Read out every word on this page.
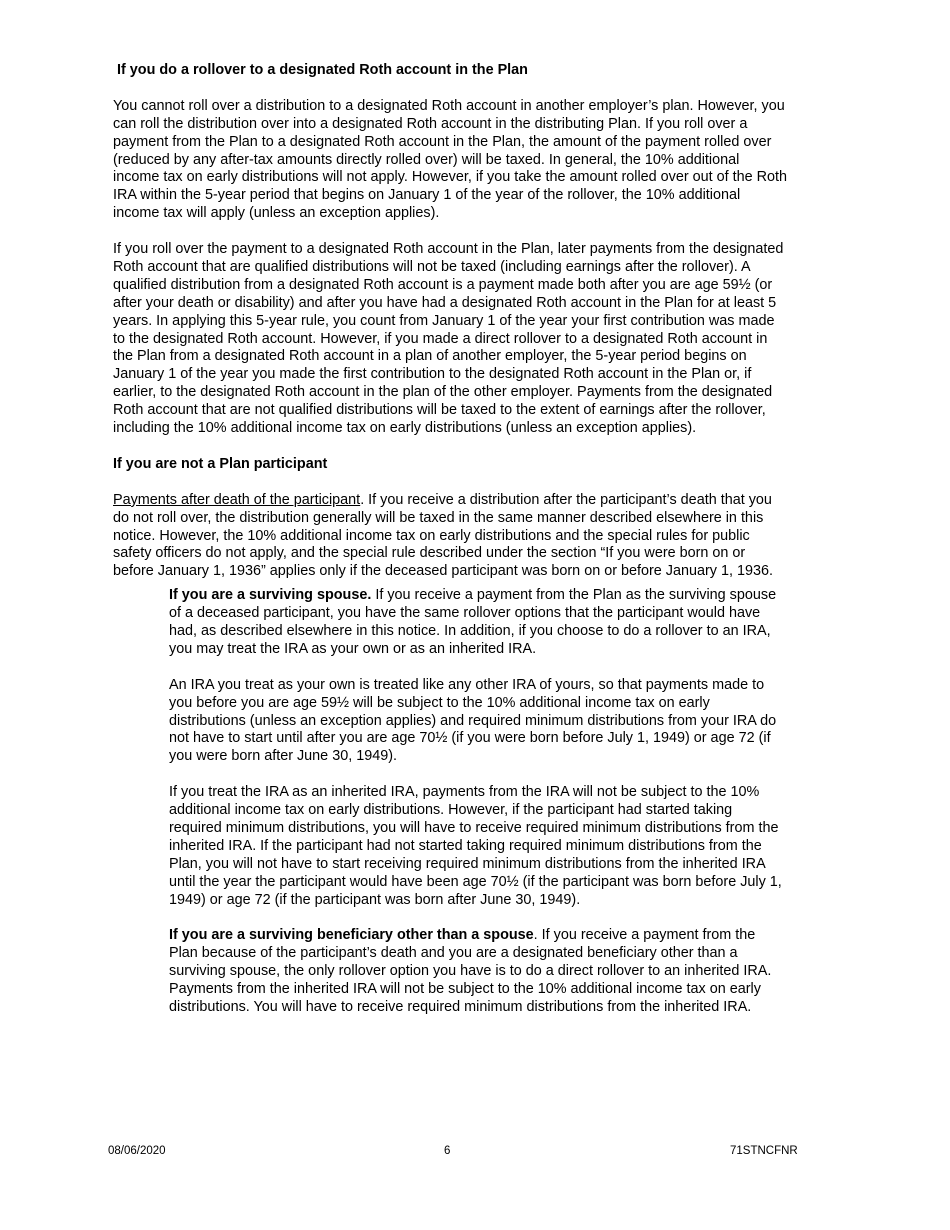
If you do a rollover to a designated Roth account in the Plan

You cannot roll over a distribution to a designated Roth account in another employer’s plan. However, you can roll the distribution over into a designated Roth account in the distributing Plan. If you roll over a payment from the Plan to a designated Roth account in the Plan, the amount of the payment rolled over (reduced by any after-tax amounts directly rolled over) will be taxed. In general, the 10% additional income tax on early distributions will not apply. However, if you take the amount rolled over out of the Roth IRA within the 5-year period that begins on January 1 of the year of the rollover, the 10% additional income tax will apply (unless an exception applies).

If you roll over the payment to a designated Roth account in the Plan, later payments from the designated Roth account that are qualified distributions will not be taxed (including earnings after the rollover). A qualified distribution from a designated Roth account is a payment made both after you are age 59½ (or after your death or disability) and after you have had a designated Roth account in the Plan for at least 5 years. In applying this 5-year rule, you count from January 1 of the year your first contribution was made to the designated Roth account. However, if you made a direct rollover to a designated Roth account in the Plan from a designated Roth account in a plan of another employer, the 5-year period begins on January 1 of the year you made the first contribution to the designated Roth account in the Plan or, if earlier, to the designated Roth account in the plan of the other employer. Payments from the designated Roth account that are not qualified distributions will be taxed to the extent of earnings after the rollover, including the 10% additional income tax on early distributions (unless an exception applies).

If you are not a Plan participant

Payments after death of the participant. If you receive a distribution after the participant’s death that you do not roll over, the distribution generally will be taxed in the same manner described elsewhere in this notice. However, the 10% additional income tax on early distributions and the special rules for public safety officers do not apply, and the special rule described under the section “If you were born on or before January 1, 1936” applies only if the deceased participant was born on or before January 1, 1936.

If you are a surviving spouse. If you receive a payment from the Plan as the surviving spouse of a deceased participant, you have the same rollover options that the participant would have had, as described elsewhere in this notice. In addition, if you choose to do a rollover to an IRA, you may treat the IRA as your own or as an inherited IRA.

An IRA you treat as your own is treated like any other IRA of yours, so that payments made to you before you are age 59½ will be subject to the 10% additional income tax on early distributions (unless an exception applies) and required minimum distributions from your IRA do not have to start until after you are age 70½ (if you were born before July 1, 1949) or age 72 (if you were born after June 30, 1949).

If you treat the IRA as an inherited IRA, payments from the IRA will not be subject to the 10% additional income tax on early distributions. However, if the participant had started taking required minimum distributions, you will have to receive required minimum distributions from the inherited IRA. If the participant had not started taking required minimum distributions from the Plan, you will not have to start receiving required minimum distributions from the inherited IRA until the year the participant would have been age 70½ (if the participant was born before July 1, 1949) or age 72 (if the participant was born after June 30, 1949).

If you are a surviving beneficiary other than a spouse. If you receive a payment from the Plan because of the participant’s death and you are a designated beneficiary other than a surviving spouse, the only rollover option you have is to do a direct rollover to an inherited IRA. Payments from the inherited IRA will not be subject to the 10% additional income tax on early distributions. You will have to receive required minimum distributions from the inherited IRA.

08/06/2020	6	71STNCFNR
